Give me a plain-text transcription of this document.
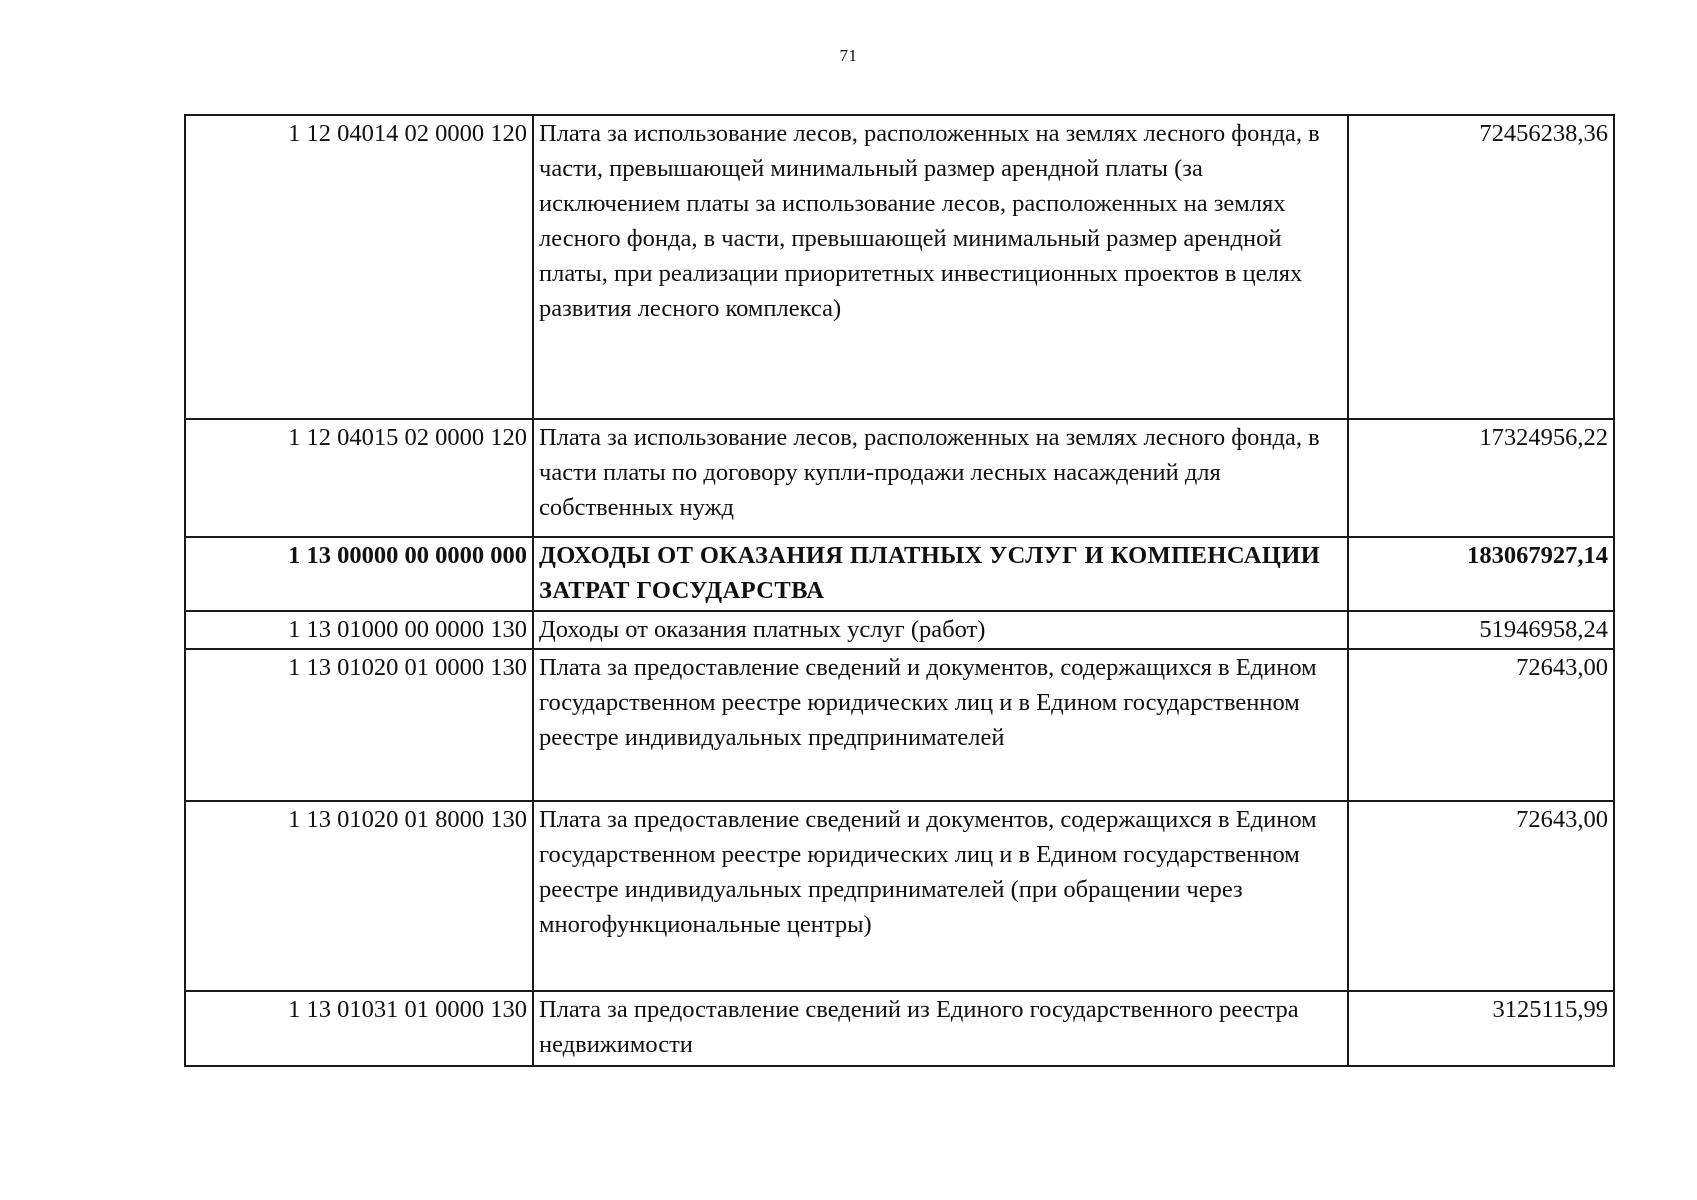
71
1 12 04014 02 0000 120	Плата за использование лесов, расположенных на землях лесного фонда, в части, превышающей минимальный размер арендной платы (за исключением платы за использование лесов, расположенных на землях лесного фонда, в части, превышающей минимальный размер арендной платы, при реализации приоритетных инвестиционных проектов в целях развития лесного комплекса)	72456238,36
1 12 04015 02 0000 120	Плата за использование лесов, расположенных на землях лесного фонда, в части платы по договору купли-продажи лесных насаждений для собственных нужд	17324956,22
1 13 00000 00 0000 000	ДОХОДЫ ОТ ОКАЗАНИЯ ПЛАТНЫХ УСЛУГ И КОМПЕНСАЦИИ ЗАТРАТ ГОСУДАРСТВА	183067927,14
1 13 01000 00 0000 130	Доходы от оказания платных услуг (работ)	51946958,24
1 13 01020 01 0000 130	Плата за предоставление сведений и документов, содержащихся в Едином государственном реестре юридических лиц и в Едином государственном реестре индивидуальных предпринимателей	72643,00
1 13 01020 01 8000 130	Плата за предоставление сведений и документов, содержащихся в Едином государственном реестре юридических лиц и в Едином государственном реестре индивидуальных предпринимателей (при обращении через многофункциональные центры)	72643,00
1 13 01031 01 0000 130	Плата за предоставление сведений из Единого государственного реестра недвижимости	3125115,99
